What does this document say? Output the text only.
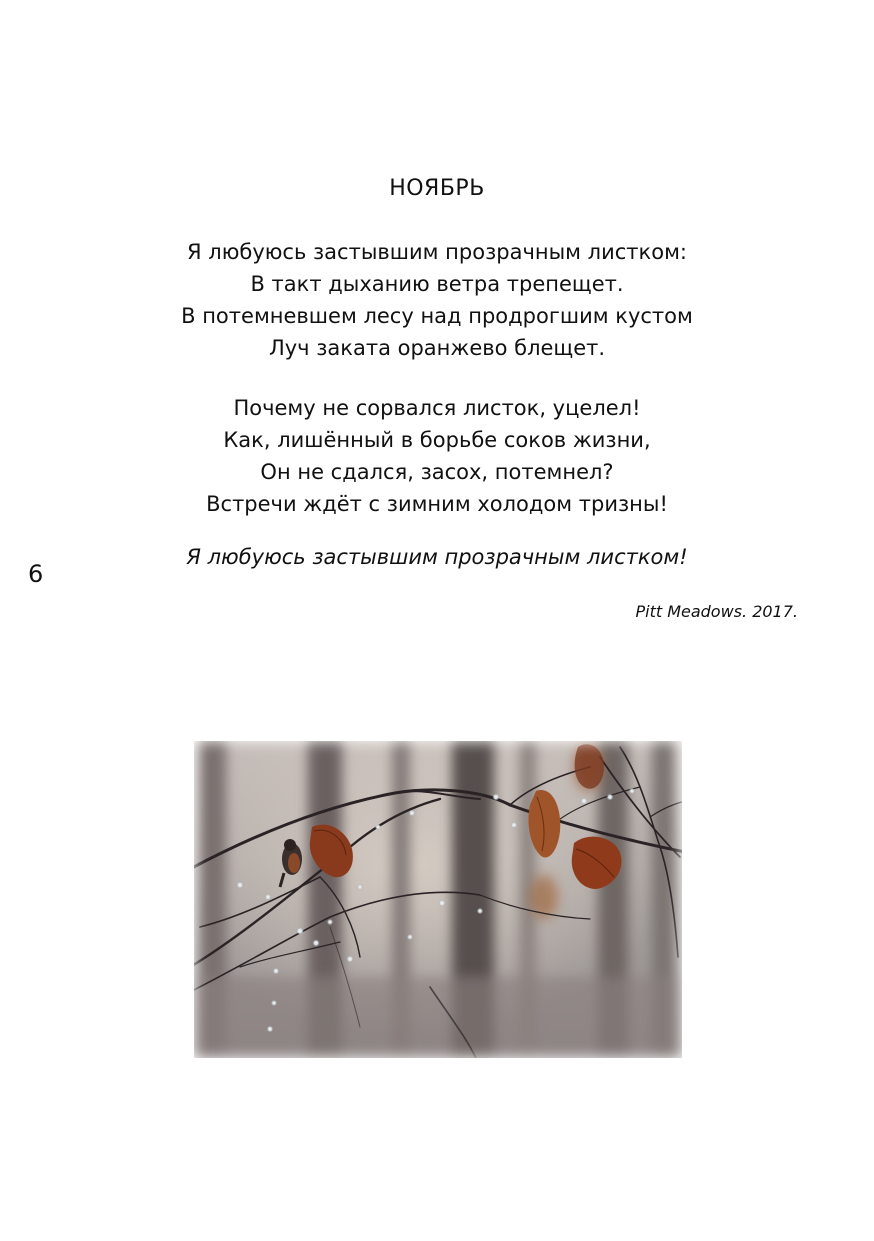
НОЯБРЬ
Я любуюсь застывшим прозрачным листком:
В такт дыханию ветра трепещет.
В потемневшем лесу над продрогшим кустом
Луч заката оранжево блещет.
Почему не сорвался листок, уцелел!
Как, лишённый в борьбе соков жизни,
Он не сдался, засох, потемнел?
Встречи ждёт с зимним холодом тризны!
Я любуюсь застывшим прозрачным листком!
6
Pitt Meadows. 2017.
